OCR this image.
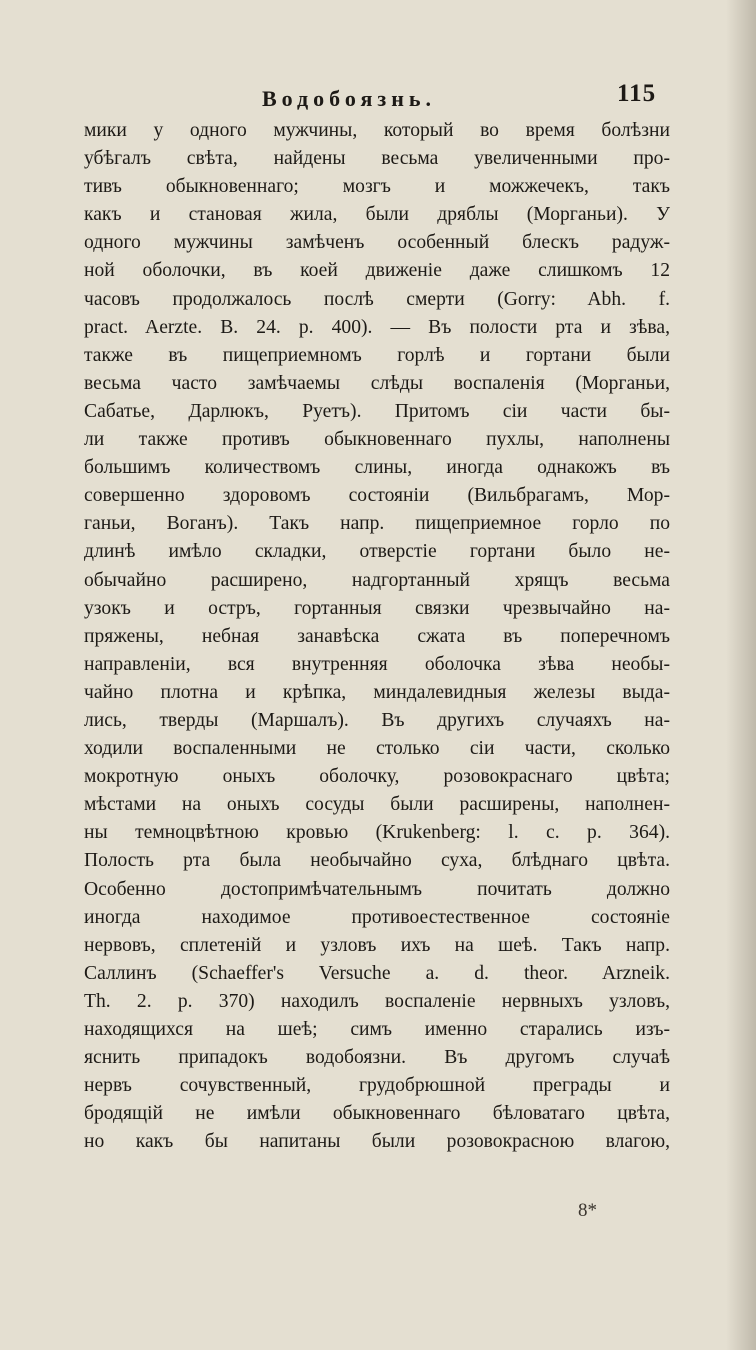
Водобоязнь.	115
мики у одного мужчины, который во время болѣзни
убѣгалъ свѣта, найдены весьма увеличенными про-
тивъ обыкновеннаго; мозгъ и можжечекъ, такъ
какъ и становая жила, были дряблы (Морганьи). У
одного мужчины замѣченъ особенный блескъ радуж-
ной оболочки, въ коей движеніе даже слишкомъ 12
часовъ продолжалось послѣ смерти (Gorry: Abh. f.
pract. Aerzte. B. 24. p. 400). — Въ полости рта и зѣва,
также въ пищеприемномъ горлѣ и гортани были
весьма часто замѣчаемы слѣды воспаленія (Морганьи,
Сабатье, Дарлюкъ, Руетъ). Притомъ сіи части бы-
ли также противъ обыкновеннаго пухлы, наполнены
большимъ количествомъ слины, иногда однакожъ въ
совершенно здоровомъ состояніи (Вильбрагамъ, Мор-
ганьи, Воганъ). Такъ напр. пищеприемное горло по
длинѣ имѣло складки, отверстіе гортани было не-
обычайно расширено, надгортанный хрящъ весьма
узокъ и остръ, гортанныя связки чрезвычайно на-
пряжены, небная занавѣска сжата въ поперечномъ
направленіи, вся внутренняя оболочка зѣва необы-
чайно плотна и крѣпка, миндалевидныя железы выда-
лись, тверды (Маршалъ). Въ другихъ случаяхъ на-
ходили воспаленными не столько сіи части, сколько
мокротную оныхъ оболочку, розовокраснаго цвѣта;
мѣстами на оныхъ сосуды были расширены, наполнен-
ны темноцвѣтною кровью (Krukenberg: l. c. p. 364).
Полость рта была необычайно суха, блѣднаго цвѣта.
Особенно достопримѣчательнымъ почитать должно
иногда находимое противоестественное состояніе
нервовъ, сплетеній и узловъ ихъ на шеѣ. Такъ напр.
Саллинъ (Schaeffer's Versuche a. d. theor. Arzneik.
Th. 2. p. 370) находилъ воспаленіе нервныхъ узловъ,
находящихся на шеѣ; симъ именно старались изъ-
яснить припадокъ водобоязни. Въ другомъ случаѣ
нервъ сочувственный, грудобрюшной преграды и
бродящій не имѣли обыкновеннаго бѣловатаго цвѣта,
но какъ бы напитаны были розовокрасною влагою,
8*
